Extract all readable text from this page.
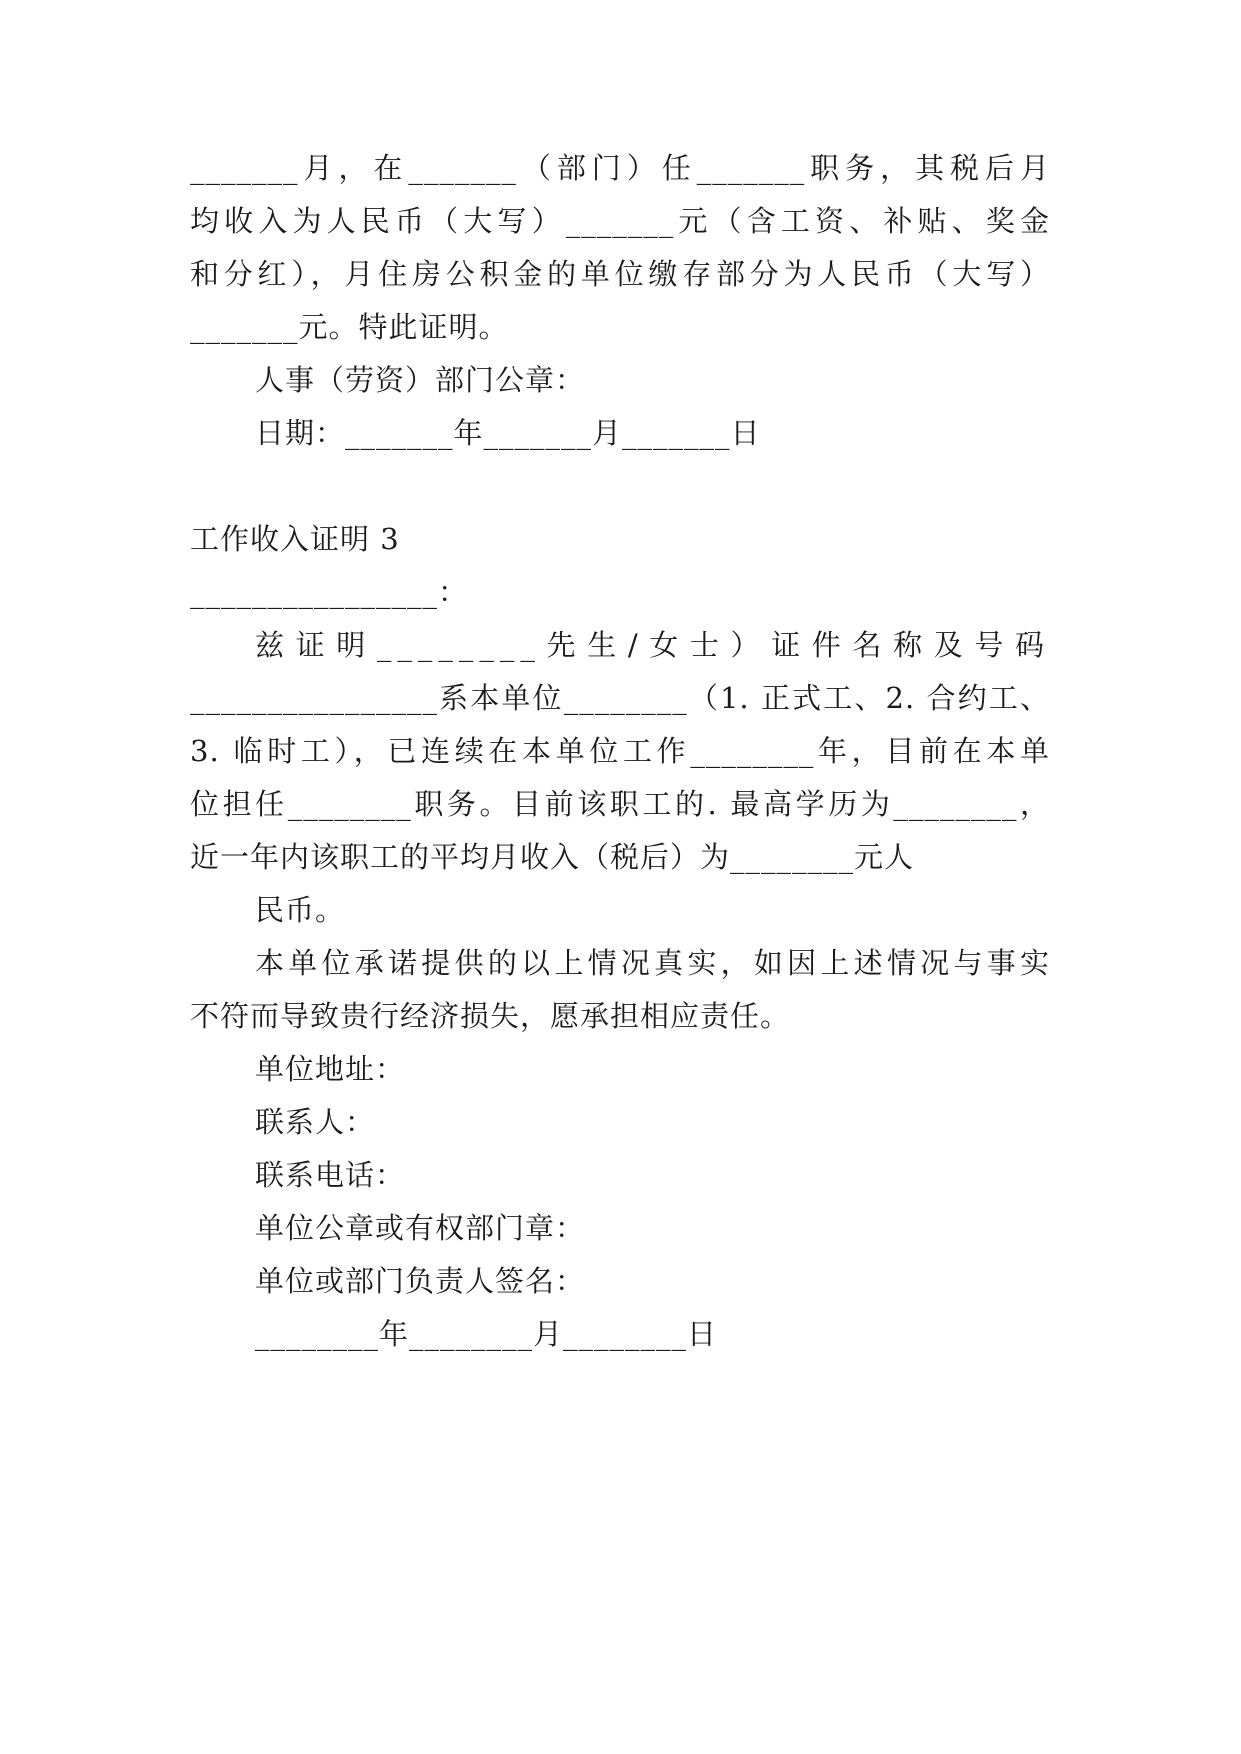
_______月，在_______（部门）任_______职务，其税后月
均收入为人民币（大写）_______元（含工资、补贴、奖金
和分红），月住房公积金的单位缴存部分为人民币（大写）
_______元。特此证明。
人事（劳资）部门公章：
日期：_______年_______月_______日
工作收入证明 3
________________：
兹证明________先生/女士）证件名称及号码
________________系本单位________（1. 正式工、2. 合约工、
3. 临时工），已连续在本单位工作________年，目前在本单
位担任________职务。目前该职工的. 最高学历为________，
近一年内该职工的平均月收入（税后）为________元人
民币。
本单位承诺提供的以上情况真实，如因上述情况与事实
不符而导致贵行经济损失，愿承担相应责任。
单位地址：
联系人：
联系电话：
单位公章或有权部门章：
单位或部门负责人签名：
________年________月________日
